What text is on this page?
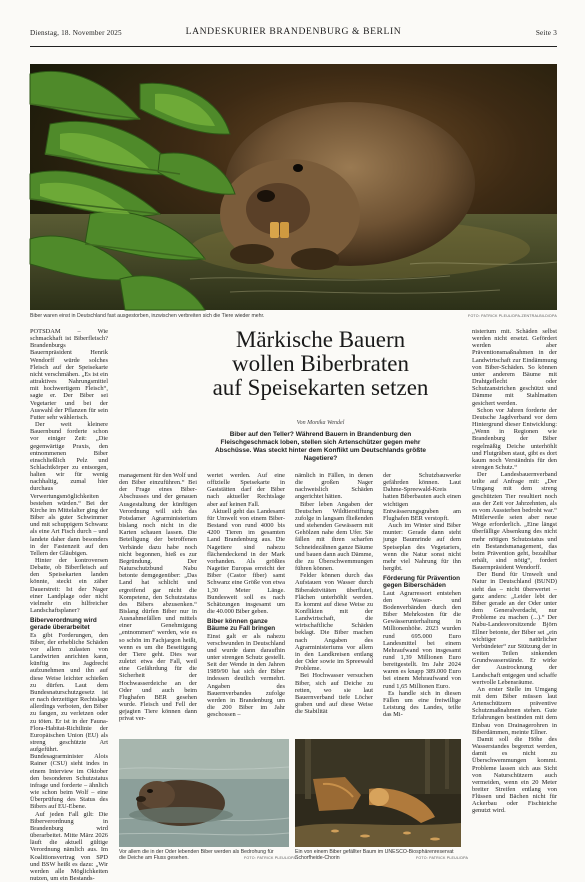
Dienstag, 18. November 2025	LANDESKURIER BRANDENBURG & BERLIN	Seite 3
Biber waren einst in Deutschland fast ausgestorben, inzwischen verbreiten sich die Tiere wieder mehr.	FOTO: PATRICK PLEUL/DPA-ZENTRALBILD/DPA
Märkische Bauern
wollen Biberbraten
auf Speisekarten setzen
Von Monika Wendel
Biber auf den Teller? Während Bauern in Brandenburg den Fleischgeschmack loben, stellen sich Artenschützer gegen mehr Abschüsse. Was steckt hinter dem Konflikt um Deutschlands größte Nagetiere?

POTSDAM – Wie schmackhaft ist Biberfleisch? Brandenburgs Bauernpräsident Henrik Wendorff würde solches Fleisch auf der Speisekarte nicht verschmähen. „Es ist ein attraktives Nahrungsmittel mit hochwertigem Fleisch“, sagte er. Der Biber sei Vegetarier und bei der Auswahl der Pflanzen für sein Futter sehr wählerisch.

Der weit kleinere Bauernbund forderte schon vor einiger Zeit: „Die gegenwärtige Praxis, den entnommenen Biber einschließlich Pelz und Schlachtkörper zu entsorgen, halten wir für wenig nachhaltig, zumal hier durchaus Verwertungsmöglichkeiten bestehen würden.“ Bei der Kirche im Mittelalter ging der Biber als guter Schwimmer und mit schuppigem Schwanz als eine Art Fisch durch – und landete daher dann besonders in der Fastenzeit auf den Tellern der Gläubigen.

Hinter der kontroversen Debatte, ob Biberfleisch auf den Speisekarten landen könnte, steckt ein zäher Dauerstreit: Ist der Nager einer Landplage oder nicht vielmehr ein hilfreicher Landschaftsplaner?

Biberverordnung wird gerade überarbeitet

Es gibt Forderungen, den Biber, der erhebliche Schäden vor allem zulasten von Landwirten anrichten kann, künftig ins Jagdrecht aufzunehmen und ihn auf diese Weise leichter schießen zu dürfen. Laut dem Bundesnaturschutzgesetz ist er nach derzeitiger Rechtslage allerdings verboten, den Biber zu fangen, zu verletzen oder zu töten. Er ist in der Fauna-Flora-Habitat-Richtlinie der Europäischen Union (EU) als streng geschützte Art aufgeführt. Bundesagrarminister Alois Rainer (CSU) sieht indes in einem Interview im Oktober den besonderen Schutzstatus infrage und forderte – ähnlich wie schon beim Wolf – eine Überprüfung des Status des Bibers auf EU-Ebene.

Auf jeden Fall gilt: Die Biberverordnung in Brandenburg wird überarbeitet. Mitte März 2026 läuft die aktuell gültige Verordnung nämlich aus. Im Koalitionsvertrag von SPD und BSW heißt es dazu: „Wir werden alle Möglichkeiten nutzen, um ein Bestands-

management für den Wolf und den Biber einzuführen.“ Bei der Frage eines Biber-Abschusses und der genauen Ausgestaltung der künftigen Verordnung will sich das Potsdamer Agrarministerium bislang noch nicht in die Karten schauen lassen. Die Beteiligung der betroffenen Verbände dazu habe noch nicht begonnen, hieß es zur Begründung. Der Naturschutzbund Nabu betonte demgegenüber: „Das Land hat schlicht und ergreifend gar nicht die Kompetenz, den Schutzstatus des Bibers abzusenken.“ Bislang dürfen Biber nur in Ausnahmefällen und mittels einer Genehmigung „entnommen“ werden, wie es so schön im Fachjargon heißt, wenn es um die Beseitigung der Tiere geht. Dies war zuletzt etwa der Fall, weil eine Gefährdung für die Sicherheit der Hochwasserdeiche an der Oder und auch beim Flughafen BER gesehen wurde. Fleisch und Fell der gejagten Tiere können dann privat ver-

wertet werden. Auf eine offizielle Speisekarte in Gaststätten darf der Biber nach aktueller Rechtslage aber auf keinen Fall.

Aktuell geht das Landesamt für Umwelt von einem Biber-Bestand von rund 4000 bis 4200 Tieren im gesamten Land Brandenburg aus. Die Nagetiere sind nahezu flächendeckend in der Mark vorhanden. Als größtes Nagetier Europas erreicht der Biber (Castor fiber) samt Schwanz eine Größe von etwa 1,30 Meter Länge. Bundesweit soll es nach Schätzungen insgesamt um die 40.000 Biber geben.

Biber können ganze Bäume zu Fall bringen

Einst galt er als nahezu verschwunden in Deutschland und wurde dann daraufhin unter strengen Schutz gestellt. Seit der Wende in den Jahren 1989/90 hat sich der Biber indessen deutlich vermehrt. Angaben des Bauernverbandes zufolge werden in Brandenburg um die 200 Biber im Jahr geschossen –

nämlich in Fällen, in denen die großen Nager nachweislich Schäden angerichtet hätten.

Biber leben Angaben der Deutschen Wildtierstiftung zufolge in langsam fließenden und stehenden Gewässern mit Gehölzen nahe dem Ufer. Sie fällen mit ihren scharfen Schneidezähnen ganze Bäume und bauen dann auch Dämme, die zu Überschwemmungen führen können.

Felder können durch das Aufstauen von Wasser durch Biberaktivitäten überflutet, Flächen unterhöhlt werden. Es kommt auf diese Weise zu Konflikten mit der Landwirtschaft, die wirtschaftliche Schäden beklagt. Die Biber machen nach Angaben des Agrarministeriums vor allem in den Landkreisen entlang der Oder sowie im Spreewald Probleme.

Bei Hochwasser versuchen Biber, sich auf Deiche zu retten, wo sie laut Bauernverband tiefe Löcher graben und auf diese Weise die Stabilität

der Schutzbauwerke gefährden können. Laut Dahme-Spreewald-Kreis hatten Biberbauten auch einen wichtigen Entwässerungsgraben am Flughafen BER verstopft.

Auch im Winter sind Biber munter: Gerade dann steht junge Baumrinde auf dem Speiseplan des Vegetariers, wenn die Natur sonst nicht mehr viel Nahrung für ihn hergibt.

Förderung für Prävention gegen Biberschäden

Laut Agrarressort entstehen den Wasser- und Bodenverbänden durch den Biber Mehrkosten für die Gewässerunterhaltung in Millionenhöhe. 2023 wurden rund 695.000 Euro Landesmittel bei einem Mehraufwand von insgesamt rund 1,39 Millionen Euro bereitgestellt. Im Jahr 2024 waren es knapp 389.000 Euro bei einem Mehraufwand von rund 1,65 Millionen Euro.

Es handle sich in diesen Fällen um eine freiwillige Leistung des Landes, teilte das Mi-

nisterium mit. Schäden selbst werden nicht ersetzt. Gefördert werden aber Präventionsmaßnahmen in der Landwirtschaft zur Eindämmung von Biber-Schäden. So können unter anderem Bäume mit Drahtgeflecht oder Schutzanstrichen geschützt und Dämme mit Stahlmatten gesichert werden.

Schon vor Jahren forderte der Deutsche Jagdverband vor dem Hintergrund dieser Entwicklung: „Wenn in Regionen wie Brandenburg der Biber regelmäßig Deiche unterhöhlt und Flutgräben staut, gibt es dort kaum noch Verständnis für den strengen Schutz.“

Der Landesbauernverband teilte auf Anfrage mit: „Der Umgang mit dem streng geschützten Tier resultiert noch aus der Zeit vor Jahrzehnten, als es vom Aussterben bedroht war.“ Mittlerweile seien aber neue Wege erforderlich. „Eine längst überfällige Absenkung des nicht mehr nötigen Schutzstatus und ein Bestandsmanagement, das beim Prävention geht, bezahlbar erhält, sind nötig“, fordert Bauernpräsident Wendorff.

Der Bund für Umwelt und Natur in Deutschland (BUND) sieht das – nicht überwertet – ganz anders: „Leider lebt der Biber gerade an der Oder unter dem Generalverdacht, nur Probleme zu machen (...).“ Der Nabu-Landesvorsitzende Björn Ellner betonte, der Biber sei „ein wichtiger natürlicher Verbündeter“ zur Stützung der in weiten Teilen sinkenden Grundwasserstände. Er wirke der Austrocknung der Landschaft entgegen und schaffe wertvolle Lebensräume.

An erster Stelle im Umgang mit dem Biber müssen laut Artenschützern präventive Schutzmaßnahmen stehen. Gute Erfahrungen bestünden mit dem Einbau von Drainagerohren in Biberdämmen, meinte Ellner.

Damit soll die Höhe des Wasserstandes begrenzt werden, damit es nicht zu Überschwemmungen kommt. Probleme lassen sich aus Sicht von Naturschützern auch vermeiden, wenn ein 20 Meter breiter Streifen entlang von Flüssen und Bächen nicht für Ackerbau oder Fischteiche genutzt wird.

Vor allem die in der Oder lebenden Biber werden als Bedrohung für
die Deiche am Fluss gesehen.	FOTO: PATRICK PLEUL/DPA
Ein von einem Biber gefällter Baum im UNESCO-Biosphärenreservat
Schorfheide-Chorin	FOTO: PATRICK PLEUL/DPA
